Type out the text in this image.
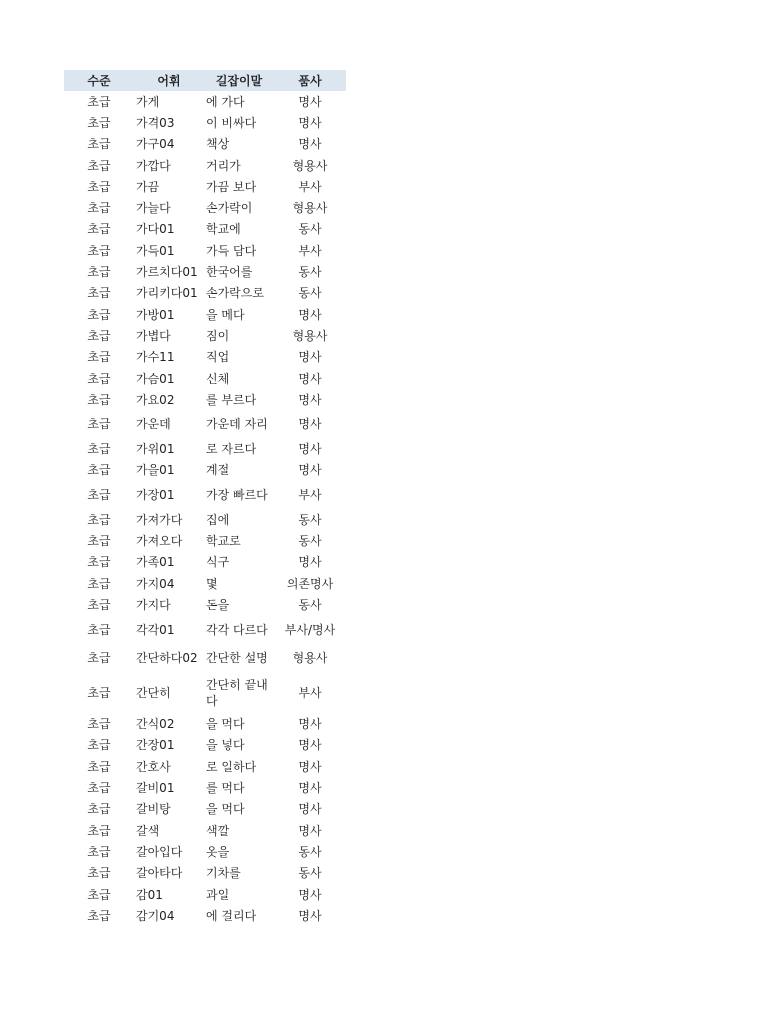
수준	어휘	길잡이말	품사
초급	가게	에 가다	명사
초급	가격03	이 비싸다	명사
초급	가구04	책상	명사
초급	가깝다	거리가	형용사
초급	가끔	가끔 보다	부사
초급	가늘다	손가락이	형용사
초급	가다01	학교에	동사
초급	가득01	가득 담다	부사
초급	가르치다01	한국어를	동사
초급	가리키다01	손가락으로	동사
초급	가방01	을 메다	명사
초급	가볍다	짐이	형용사
초급	가수11	직업	명사
초급	가슴01	신체	명사
초급	가요02	를 부르다	명사
초급	가운데	가운데 자리	명사
초급	가위01	로 자르다	명사
초급	가을01	계절	명사
초급	가장01	가장 빠르다	부사
초급	가져가다	집에	동사
초급	가져오다	학교로	동사
초급	가족01	식구	명사
초급	가지04	몇	의존명사
초급	가지다	돈을	동사
초급	각각01	각각 다르다	부사/명사
초급	간단하다02	간단한 설명	형용사
초급	간단히	간단히 끝내다	부사
초급	간식02	을 먹다	명사
초급	간장01	을 넣다	명사
초급	간호사	로 일하다	명사
초급	갈비01	를 먹다	명사
초급	갈비탕	을 먹다	명사
초급	갈색	색깔	명사
초급	갈아입다	옷을	동사
초급	갈아타다	기차를	동사
초급	감01	과일	명사
초급	감기04	에 걸리다	명사
